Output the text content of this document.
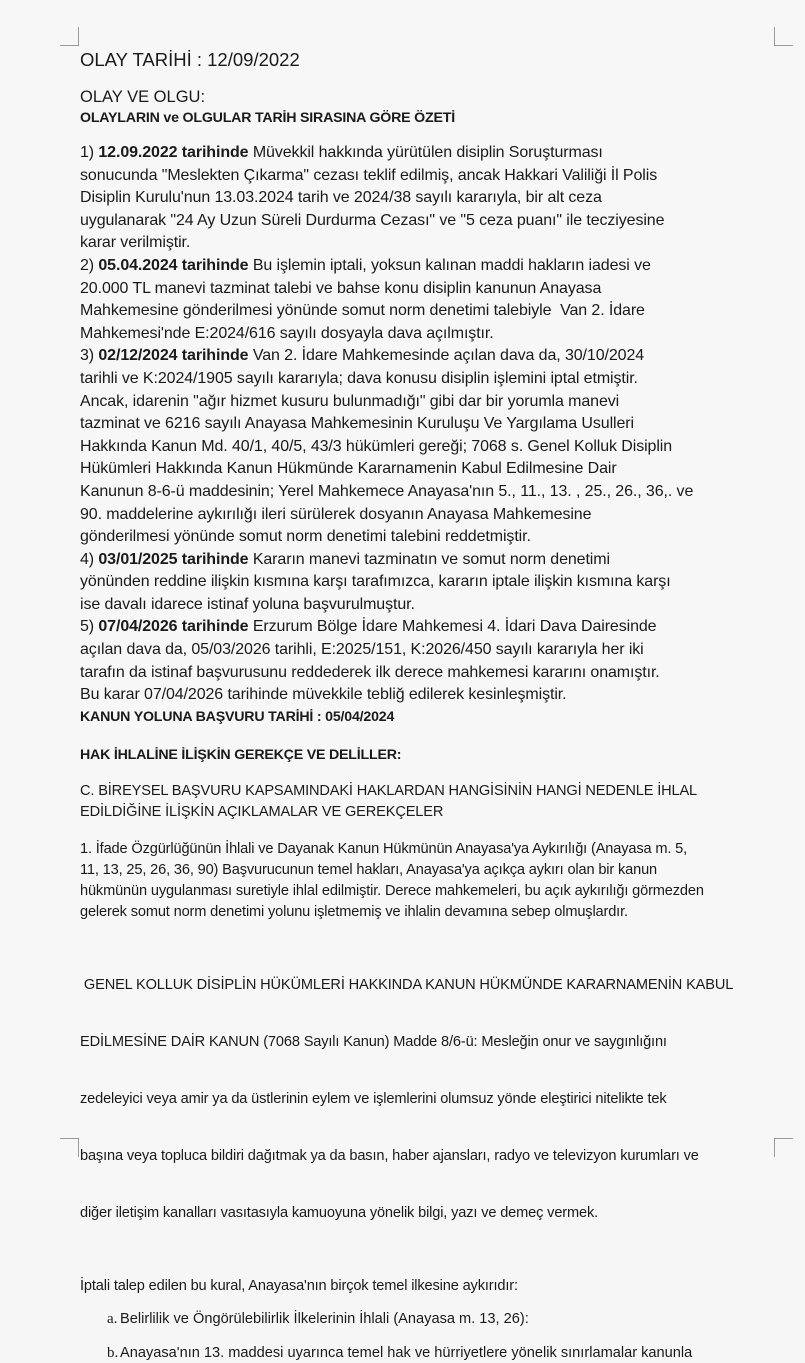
OLAY TARİHİ : 12/09/2022
OLAY VE OLGU:
OLAYLARIN ve OLGULAR TARİH SIRASINA GÖRE ÖZETİ
1) 12.09.2022 tarihinde Müvekkil hakkında yürütülen disiplin Soruşturması
sonucunda "Meslekten Çıkarma" cezası teklif edilmiş, ancak Hakkari Valiliği İl Polis
Disiplin Kurulu'nun 13.03.2024 tarih ve 2024/38 sayılı kararıyla, bir alt ceza
uygulanarak "24 Ay Uzun Süreli Durdurma Cezası" ve "5 ceza puanı" ile tecziyesine
karar verilmiştir.
2) 05.04.2024 tarihinde Bu işlemin iptali, yoksun kalınan maddi hakların iadesi ve
20.000 TL manevi tazminat talebi ve bahse konu disiplin kanunun Anayasa
Mahkemesine gönderilmesi yönünde somut norm denetimi talebiyle  Van 2. İdare
Mahkemesi'nde E:2024/616 sayılı dosyayla dava açılmıştır.
3) 02/12/2024 tarihinde Van 2. İdare Mahkemesinde açılan dava da, 30/10/2024
tarihli ve K:2024/1905 sayılı kararıyla; dava konusu disiplin işlemini iptal etmiştir.
Ancak, idarenin "ağır hizmet kusuru bulunmadığı" gibi dar bir yorumla manevi
tazminat ve 6216 sayılı Anayasa Mahkemesinin Kuruluşu Ve Yargılama Usulleri
Hakkında Kanun Md. 40/1, 40/5, 43/3 hükümleri gereği; 7068 s. Genel Kolluk Disiplin
Hükümleri Hakkında Kanun Hükmünde Kararnamenin Kabul Edilmesine Dair
Kanunun 8-6-ü maddesinin; Yerel Mahkemece Anayasa'nın 5., 11., 13. , 25., 26., 36,. ve
90. maddelerine aykırılığı ileri sürülerek dosyanın Anayasa Mahkemesine
gönderilmesi yönünde somut norm denetimi talebini reddetmiştir.
4) 03/01/2025 tarihinde Kararın manevi tazminatın ve somut norm denetimi
yönünden reddine ilişkin kısmına karşı tarafımızca, kararın iptale ilişkin kısmına karşı
ise davalı idarece istinaf yoluna başvurulmuştur.
5) 07/04/2026 tarihinde Erzurum Bölge İdare Mahkemesi 4. İdari Dava Dairesinde
açılan dava da, 05/03/2026 tarihli, E:2025/151, K:2026/450 sayılı kararıyla her iki
tarafın da istinaf başvurusunu reddederek ilk derece mahkemesi kararını onamıştır.
Bu karar 07/04/2026 tarihinde müvekkile tebliğ edilerek kesinleşmiştir.
KANUN YOLUNA BAŞVURU TARİHİ : 05/04/2024
HAK İHLALİNE İLİŞKİN GEREKÇE VE DELİLLER:
C. BİREYSEL BAŞVURU KAPSAMINDAKİ HAKLARDAN HANGİSİNİN HANGİ NEDENLE İHLAL
EDİLDİĞİNE İLİŞKİN AÇIKLAMALAR VE GEREKÇELER
1. İfade Özgürlüğünün İhlali ve Dayanak Kanun Hükmünün Anayasa'ya Aykırılığı (Anayasa m. 5,
11, 13, 25, 26, 36, 90) Başvurucunun temel hakları, Anayasa'ya açıkça aykırı olan bir kanun
hükmünün uygulanması suretiyle ihlal edilmiştir. Derece mahkemeleri, bu açık aykırılığı görmezden
gelerek somut norm denetimi yolunu işletmemiş ve ihlalin devamına sebep olmuşlardır.

GENEL KOLLUK DİSİPLİN HÜKÜMLERİ HAKKINDA KANUN HÜKMÜNDE KARARNAMENİN KABUL

EDİLMESİNE DAİR KANUN (7068 Sayılı Kanun) Madde 8/6-ü: Mesleğin onur ve saygınlığını

zedeleyici veya amir ya da üstlerinin eylem ve işlemlerini olumsuz yönde eleştirici nitelikte tek

başına veya topluca bildiri dağıtmak ya da basın, haber ajansları, radyo ve televizyon kurumları ve

diğer iletişim kanalları vasıtasıyla kamuoyuna yönelik bilgi, yazı ve demeç vermek.

İptali talep edilen bu kural, Anayasa'nın birçok temel ilkesine aykırıdır:
a. Belirlilik ve Öngörülebilirlik İlkelerinin İhlali (Anayasa m. 13, 26):
b. Anayasa'nın 13. maddesi uyarınca temel hak ve hürriyetlere yönelik sınırlamalar kanunla
